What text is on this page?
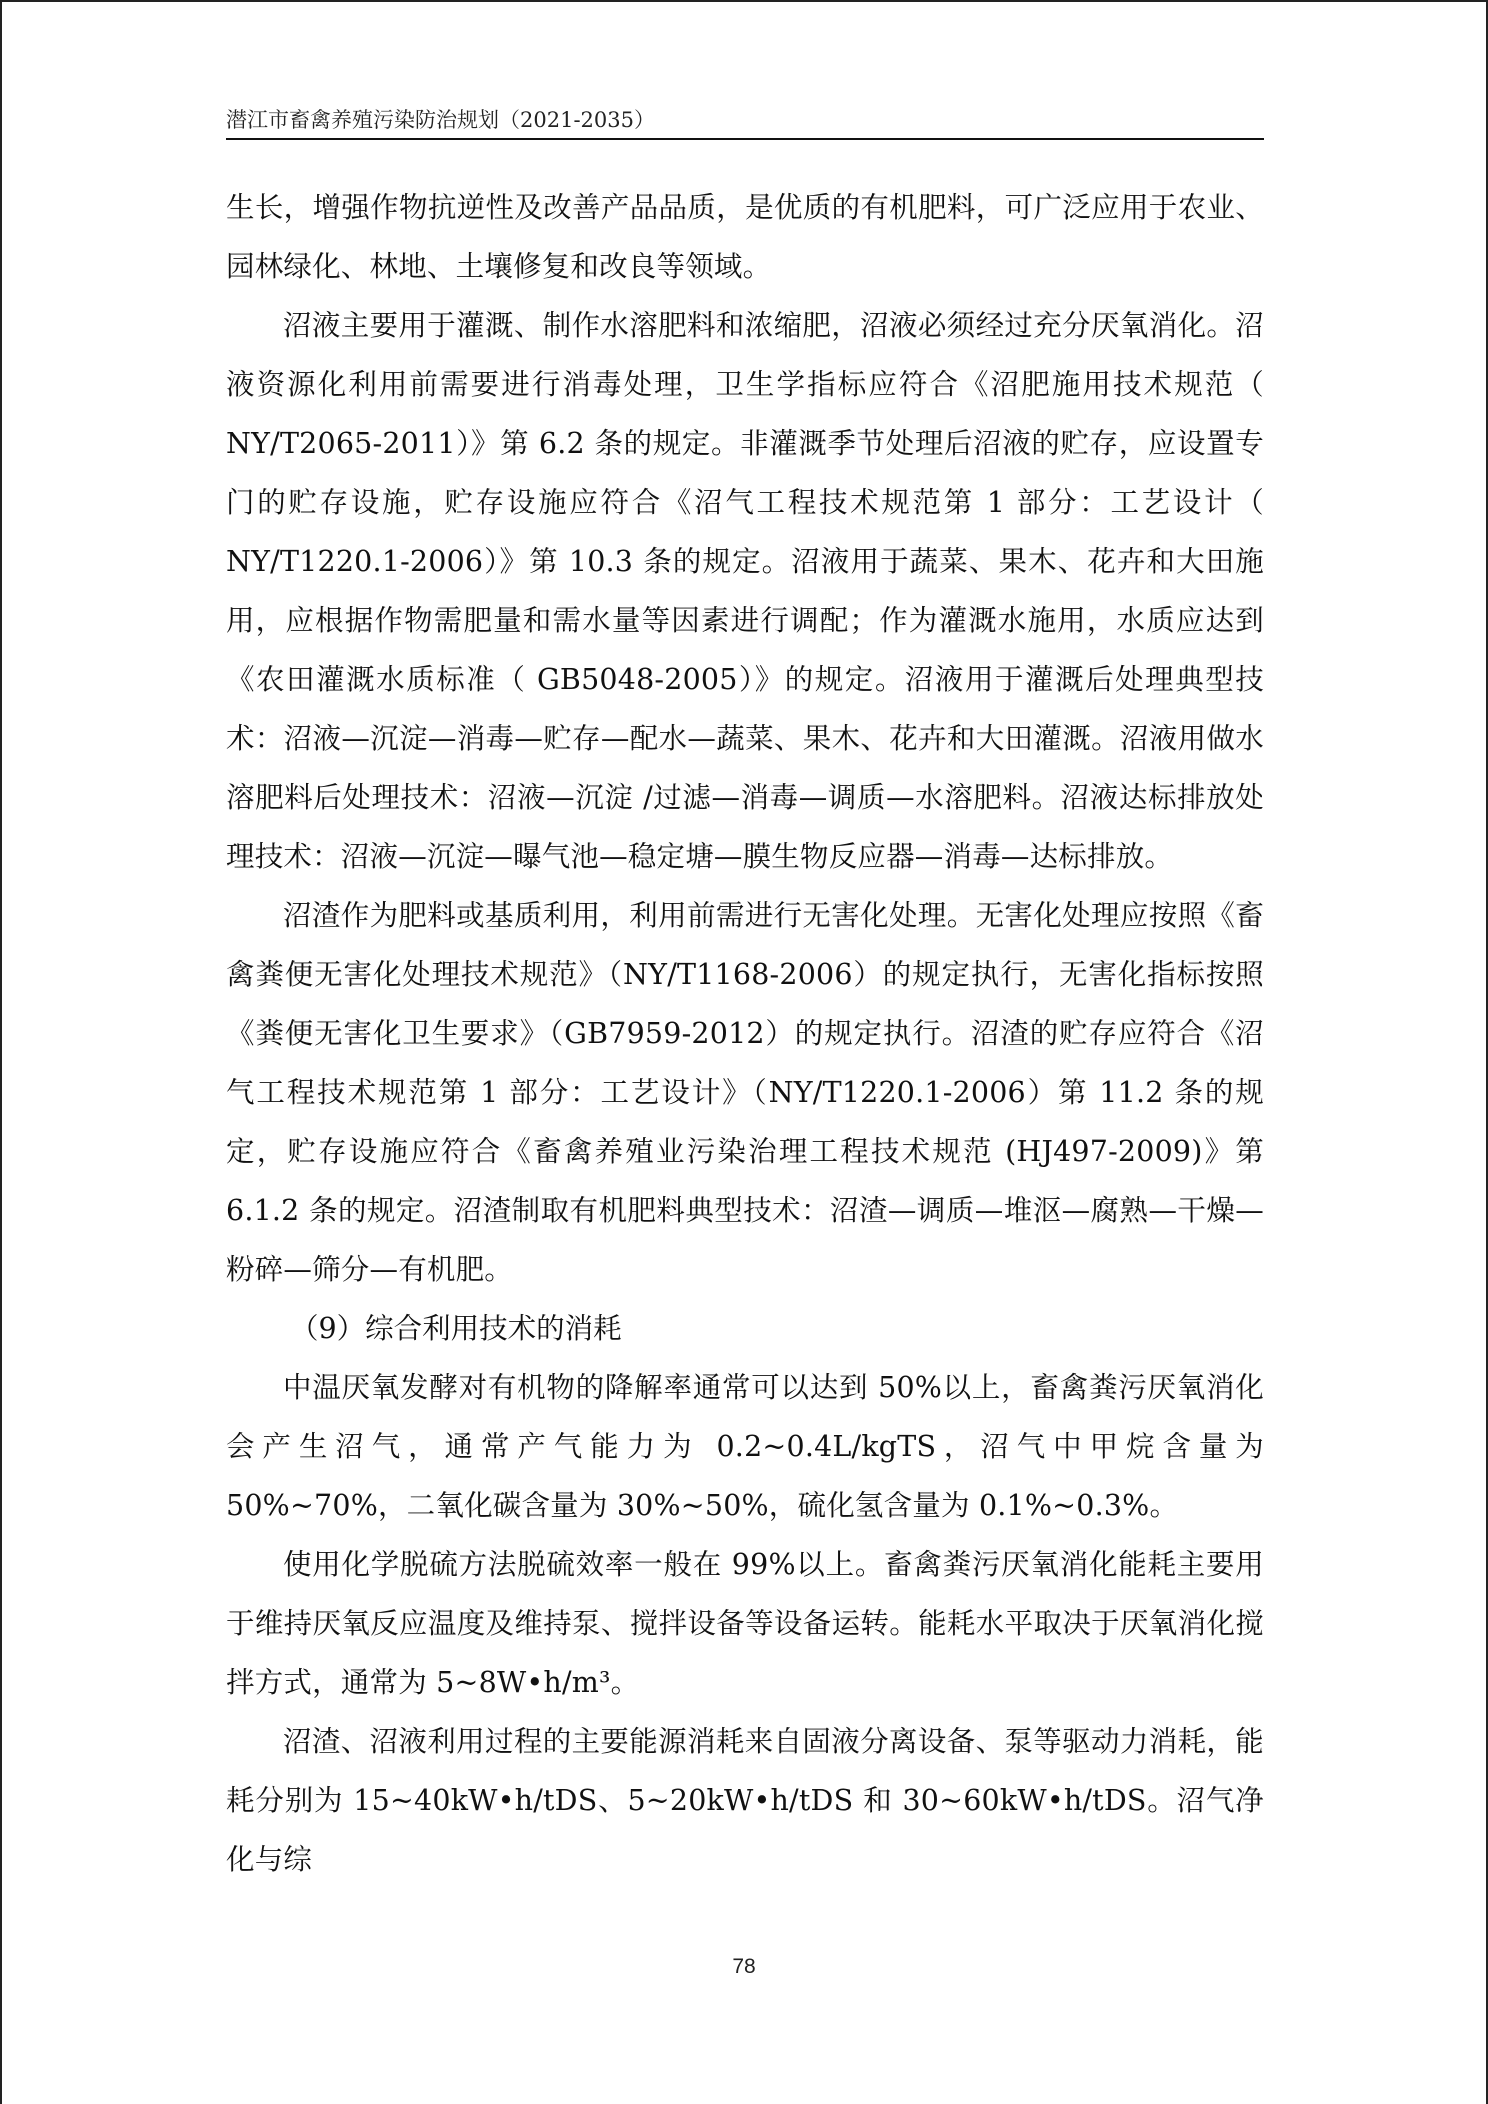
潜江市畜禽养殖污染防治规划（2021-2035）

生长，增强作物抗逆性及改善产品品质，是优质的有机肥料，可广泛应用于农业、园林绿化、林地、土壤修复和改良等领域。

沼液主要用于灌溉、制作水溶肥料和浓缩肥，沼液必须经过充分厌氧消化。沼液资源化利用前需要进行消毒处理，卫生学指标应符合《沼肥施用技术规范（ NY/T2065-2011）》第 6.2 条的规定。非灌溉季节处理后沼液的贮存，应设置专门的贮存设施，贮存设施应符合《沼气工程技术规范第 1 部分：工艺设计（ NY/T1220.1-2006）》第 10.3 条的规定。沼液用于蔬菜、果木、花卉和大田施用，应根据作物需肥量和需水量等因素进行调配；作为灌溉水施用，水质应达到《农田灌溉水质标准（ GB5048-2005）》的规定。沼液用于灌溉后处理典型技术：沼液—沉淀—消毒—贮存—配水—蔬菜、果木、花卉和大田灌溉。沼液用做水溶肥料后处理技术：沼液—沉淀 /过滤—消毒—调质—水溶肥料。沼液达标排放处理技术：沼液—沉淀—曝气池—稳定塘—膜生物反应器—消毒—达标排放。

沼渣作为肥料或基质利用，利用前需进行无害化处理。无害化处理应按照《畜禽粪便无害化处理技术规范》（NY/T1168-2006）的规定执行，无害化指标按照《粪便无害化卫生要求》（GB7959-2012）的规定执行。沼渣的贮存应符合《沼气工程技术规范第 1 部分：工艺设计》（NY/T1220.1-2006）第 11.2 条的规定，贮存设施应符合《畜禽养殖业污染治理工程技术规范 (HJ497-2009)》第 6.1.2 条的规定。沼渣制取有机肥料典型技术：沼渣—调质—堆沤—腐熟—干燥—粉碎—筛分—有机肥。

（9）综合利用技术的消耗

中温厌氧发酵对有机物的降解率通常可以达到 50%以上，畜禽粪污厌氧消化会产生沼气，通常产气能力为 0.2~0.4L/kgTS，沼气中甲烷含量为 50%~70%，二氧化碳含量为 30%~50%，硫化氢含量为 0.1%~0.3%。

使用化学脱硫方法脱硫效率一般在 99%以上。畜禽粪污厌氧消化能耗主要用于维持厌氧反应温度及维持泵、搅拌设备等设备运转。能耗水平取决于厌氧消化搅拌方式，通常为 5~8W•h/m³。

沼渣、沼液利用过程的主要能源消耗来自固液分离设备、泵等驱动力消耗，能耗分别为 15~40kW•h/tDS、5~20kW•h/tDS 和 30~60kW•h/tDS。沼气净化与综

78
